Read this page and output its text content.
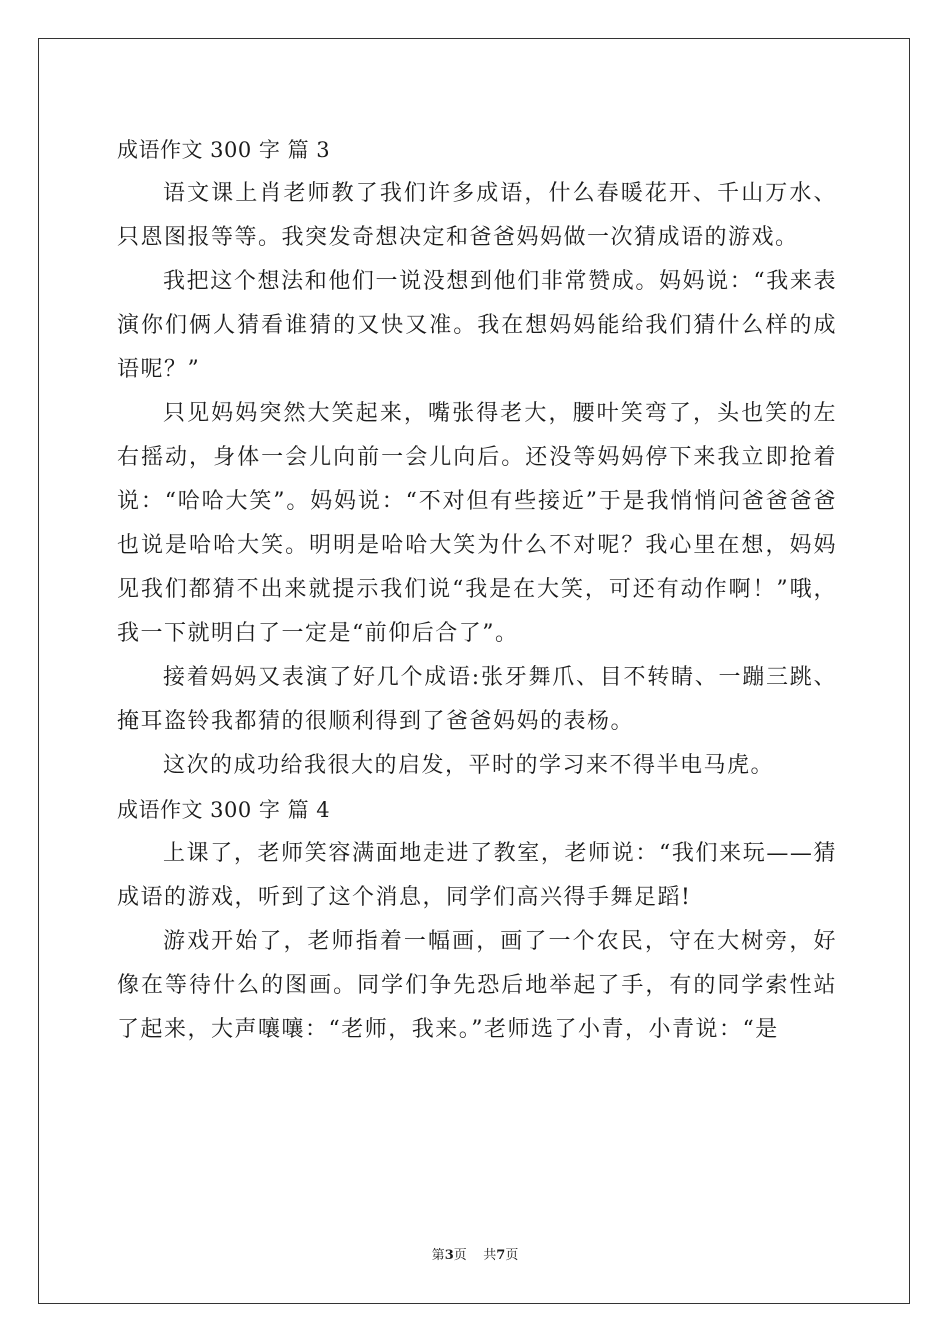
成语作文 300 字 篇 3

语文课上肖老师教了我们许多成语，什么春暖花开、千山万水、只恩图报等等。我突发奇想决定和爸爸妈妈做一次猜成语的游戏。

我把这个想法和他们一说没想到他们非常赞成。妈妈说：“我来表演你们俩人猜看谁猜的又快又准。我在想妈妈能给我们猜什么样的成语呢？”

只见妈妈突然大笑起来，嘴张得老大，腰叶笑弯了，头也笑的左右摇动，身体一会儿向前一会儿向后。还没等妈妈停下来我立即抢着说：“哈哈大笑”。妈妈说：“不对但有些接近”于是我悄悄问爸爸爸爸也说是哈哈大笑。明明是哈哈大笑为什么不对呢？我心里在想，妈妈见我们都猜不出来就提示我们说“我是在大笑，可还有动作啊！”哦，我一下就明白了一定是“前仰后合了”。

接着妈妈又表演了好几个成语:张牙舞爪、目不转睛、一蹦三跳、掩耳盗铃我都猜的很顺利得到了爸爸妈妈的表杨。

这次的成功给我很大的启发，平时的学习来不得半电马虎。

成语作文 300 字 篇 4

上课了，老师笑容满面地走进了教室，老师说：“我们来玩——猜成语的游戏，听到了这个消息，同学们高兴得手舞足蹈!

游戏开始了，老师指着一幅画，画了一个农民，守在大树旁，好像在等待什么的图画。同学们争先恐后地举起了手，有的同学索性站了起来，大声嚷嚷：“老师，我来。”老师选了小青，小青说：“是

第3页    共7页
